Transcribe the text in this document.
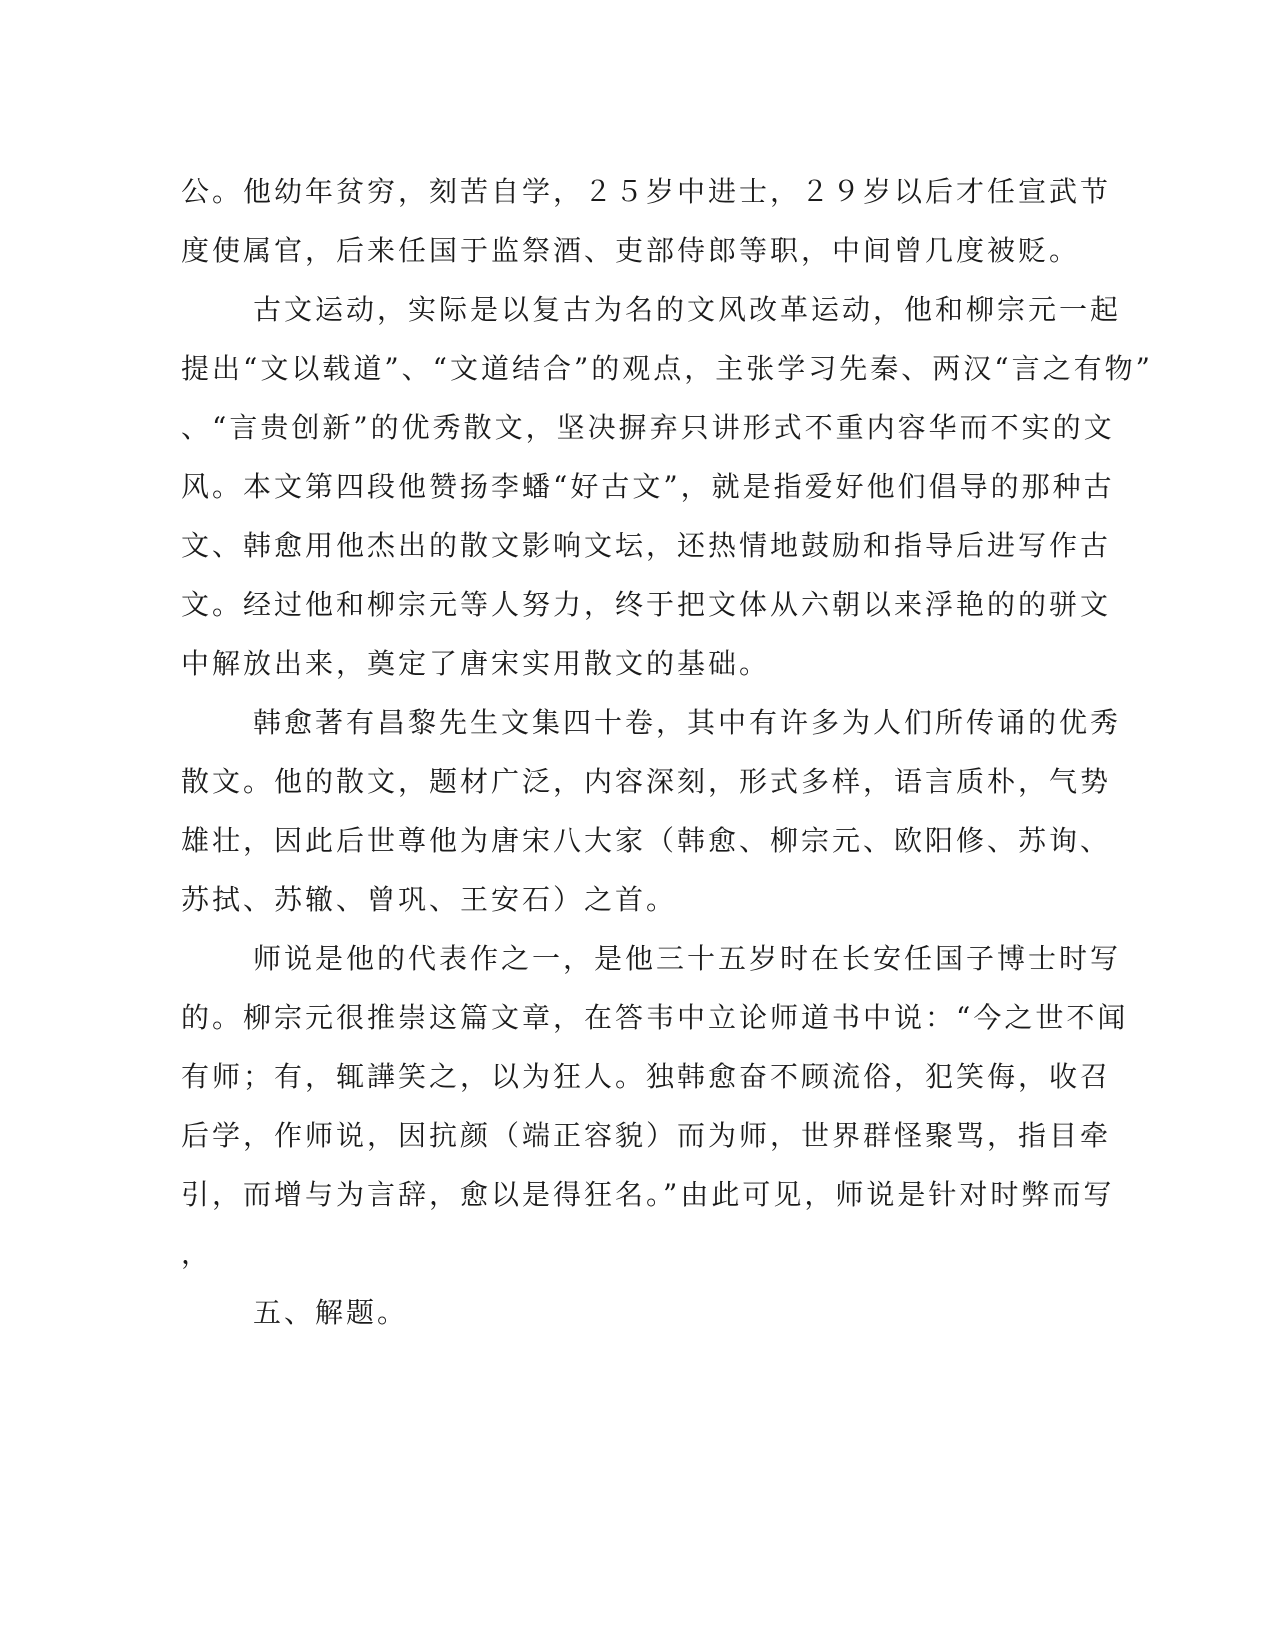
公。他幼年贫穷，刻苦自学，２５岁中进士，２９岁以后才任宣武节
度使属官，后来任国于监祭酒、吏部侍郎等职，中间曾几度被贬。
古文运动，实际是以复古为名的文风改革运动，他和柳宗元一起
提出“文以载道”、“文道结合”的观点，主张学习先秦、两汉“言之有物”
、“言贵创新”的优秀散文，坚决摒弃只讲形式不重内容华而不实的文
风。本文第四段他赞扬李蟠“好古文”，就是指爱好他们倡导的那种古
文、韩愈用他杰出的散文影响文坛，还热情地鼓励和指导后进写作古
文。经过他和柳宗元等人努力，终于把文体从六朝以来浮艳的的骈文
中解放出来，奠定了唐宋实用散文的基础。
韩愈著有昌黎先生文集四十卷，其中有许多为人们所传诵的优秀
散文。他的散文，题材广泛，内容深刻，形式多样，语言质朴，气势
雄壮，因此后世尊他为唐宋八大家（韩愈、柳宗元、欧阳修、苏询、
苏拭、苏辙、曾巩、王安石）之首。
师说是他的代表作之一，是他三十五岁时在长安任国子博士时写
的。柳宗元很推崇这篇文章，在答韦中立论师道书中说：“今之世不闻
有师；有，辄譁笑之，以为狂人。独韩愈奋不顾流俗，犯笑侮，收召
后学，作师说，因抗颜（端正容貌）而为师，世界群怪聚骂，指目牵
引，而增与为言辞，愈以是得狂名。”由此可见，师说是针对时弊而写
，
五、解题。
